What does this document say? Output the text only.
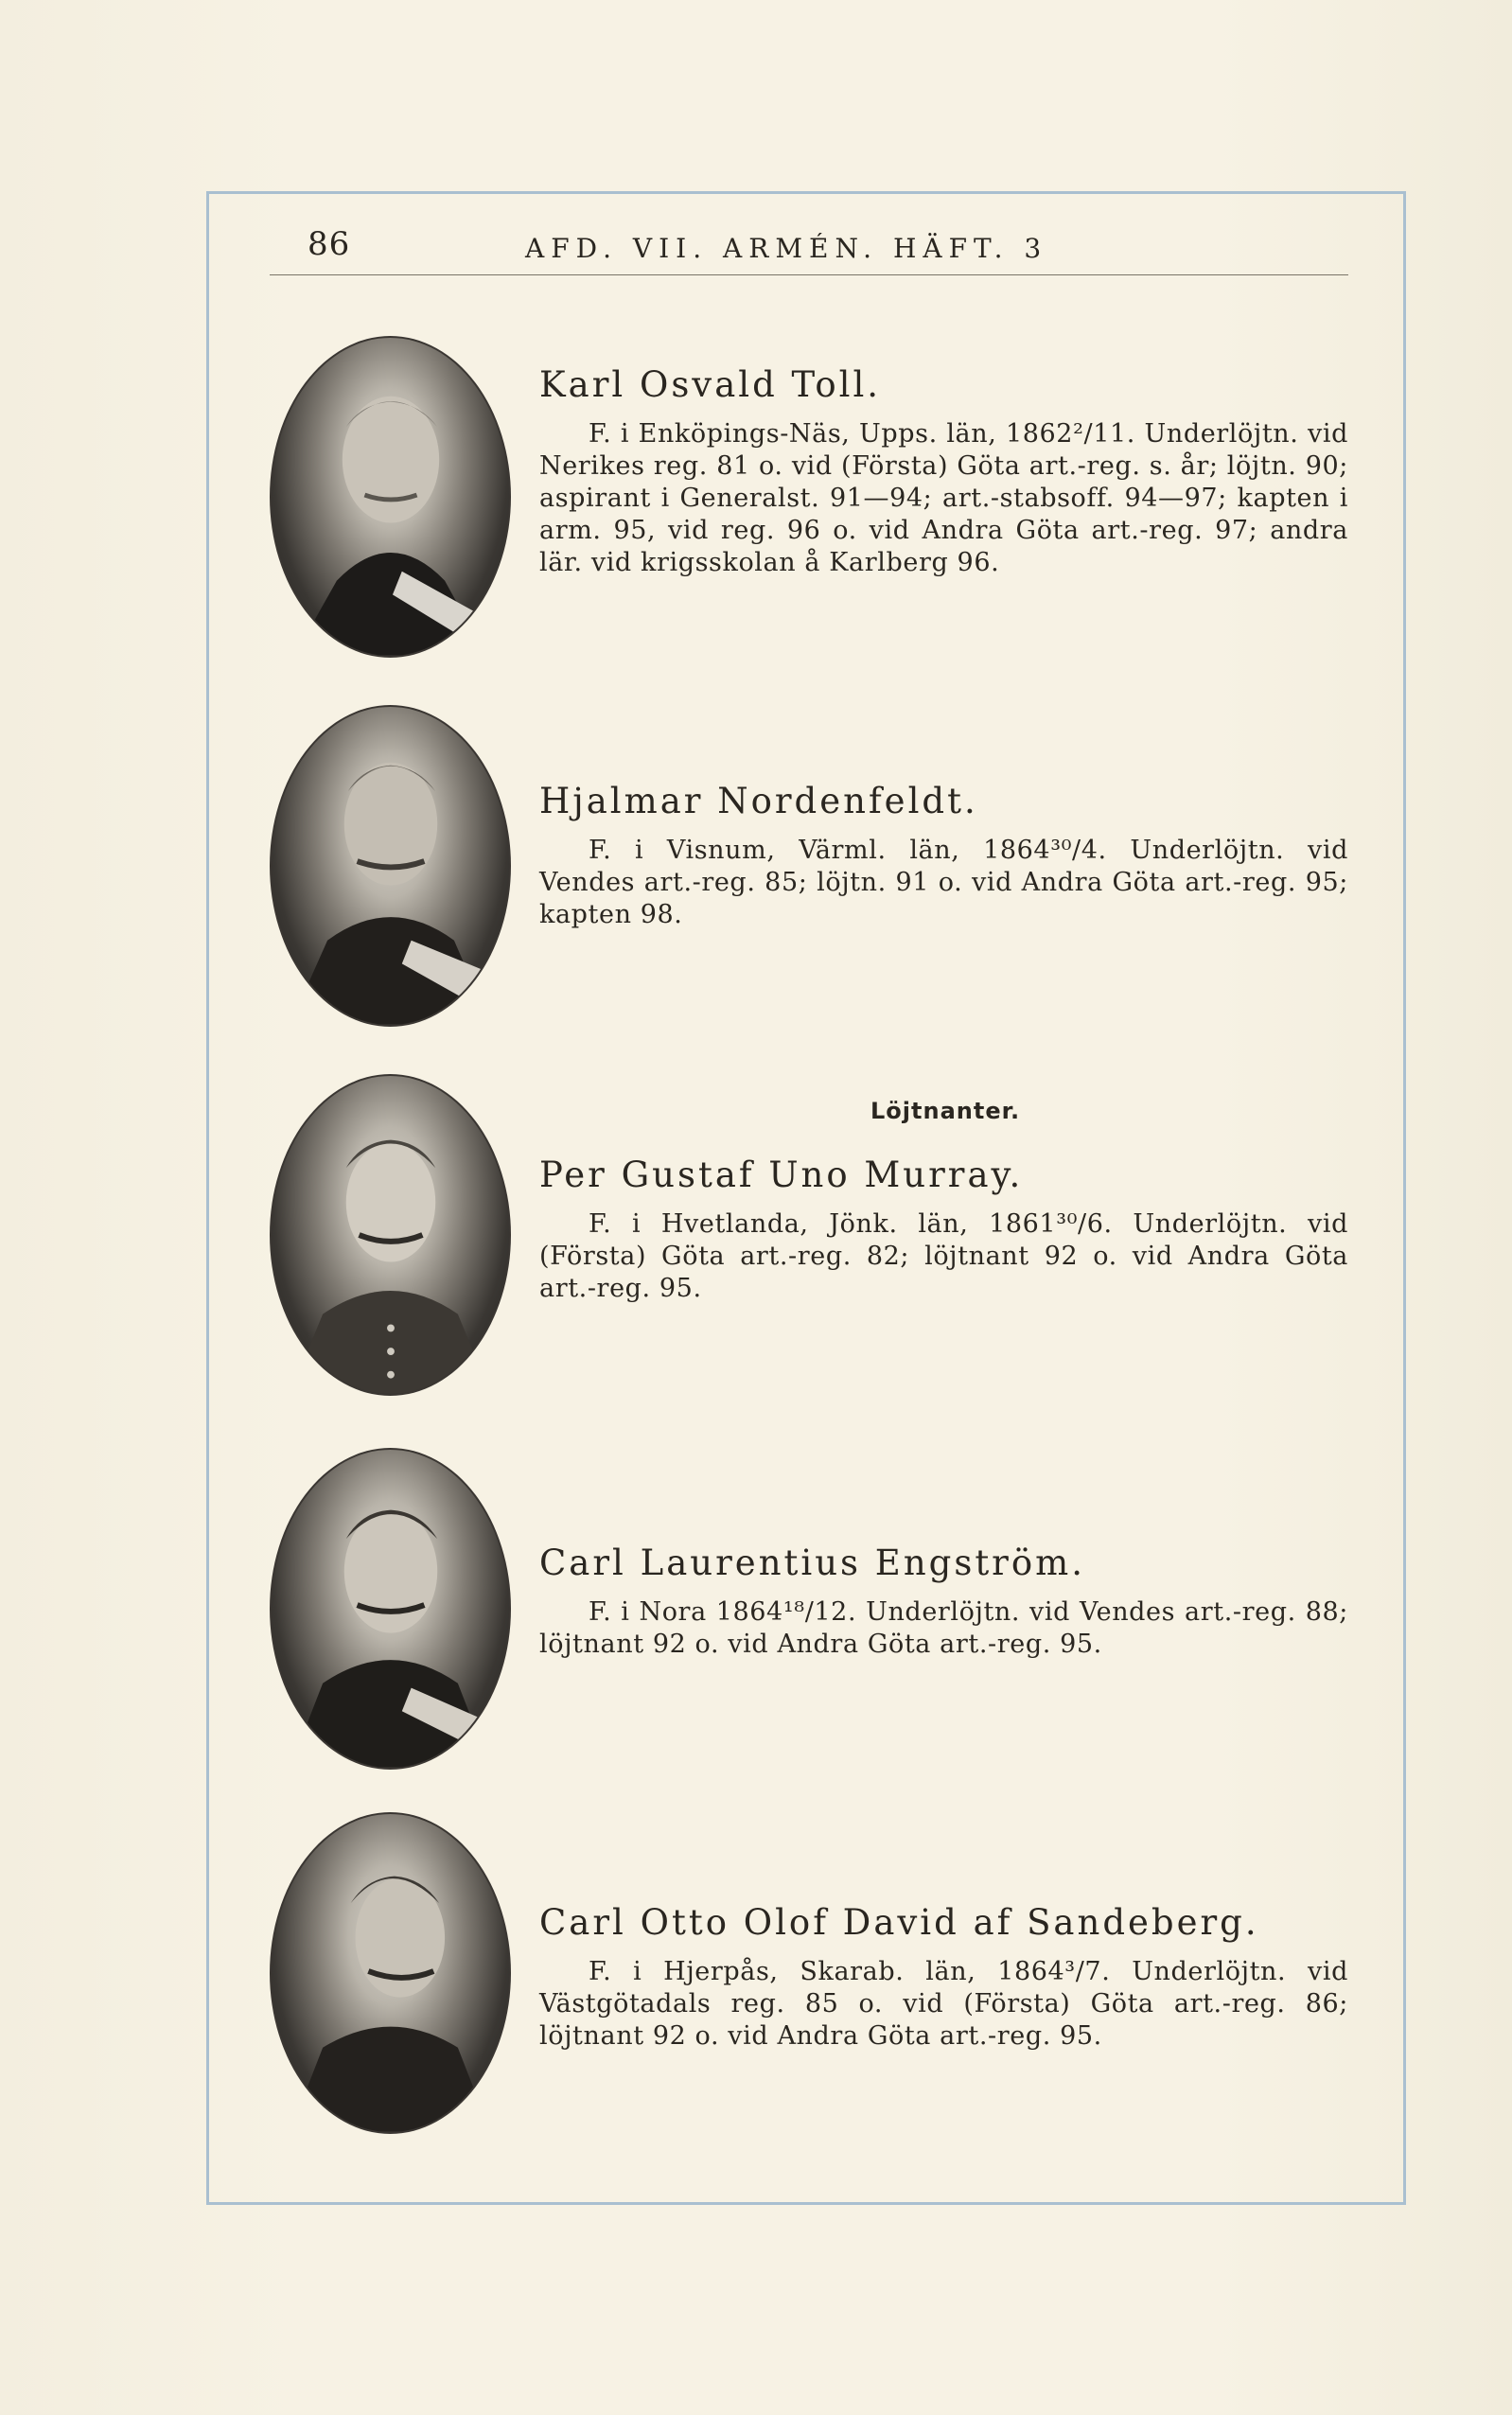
86	AFD. VII. ARMÉN. HÄFT. 3
Karl Osvald Toll.
F. i Enköpings-Näs, Upps. län, 1862²/11. Underlöjtn. vid Nerikes reg. 81 o. vid (Första) Göta art.-reg. s. år; löjtn. 90; aspirant i Generalst. 91—94; art.-stabsoff. 94—97; kapten i arm. 95, vid reg. 96 o. vid Andra Göta art.-reg. 97; andra lär. vid krigsskolan å Karlberg 96.
Hjalmar Nordenfeldt.
F. i Visnum, Värml. län, 1864³⁰/4. Underlöjtn. vid Vendes art.-reg. 85; löjtn. 91 o. vid Andra Göta art.-reg. 95; kapten 98.
Löjtnanter.
Per Gustaf Uno Murray.
F. i Hvetlanda, Jönk. län, 1861³⁰/6. Underlöjtn. vid (Första) Göta art.-reg. 82; löjtnant 92 o. vid Andra Göta art.-reg. 95.
Carl Laurentius Engström.
F. i Nora 1864¹⁸/12. Underlöjtn. vid Vendes art.-reg. 88; löjtnant 92 o. vid Andra Göta art.-reg. 95.
Carl Otto Olof David af Sandeberg.
F. i Hjerpås, Skarab. län, 1864³/7. Underlöjtn. vid Västgötadals reg. 85 o. vid (Första) Göta art.-reg. 86; löjtnant 92 o. vid Andra Göta art.-reg. 95.
